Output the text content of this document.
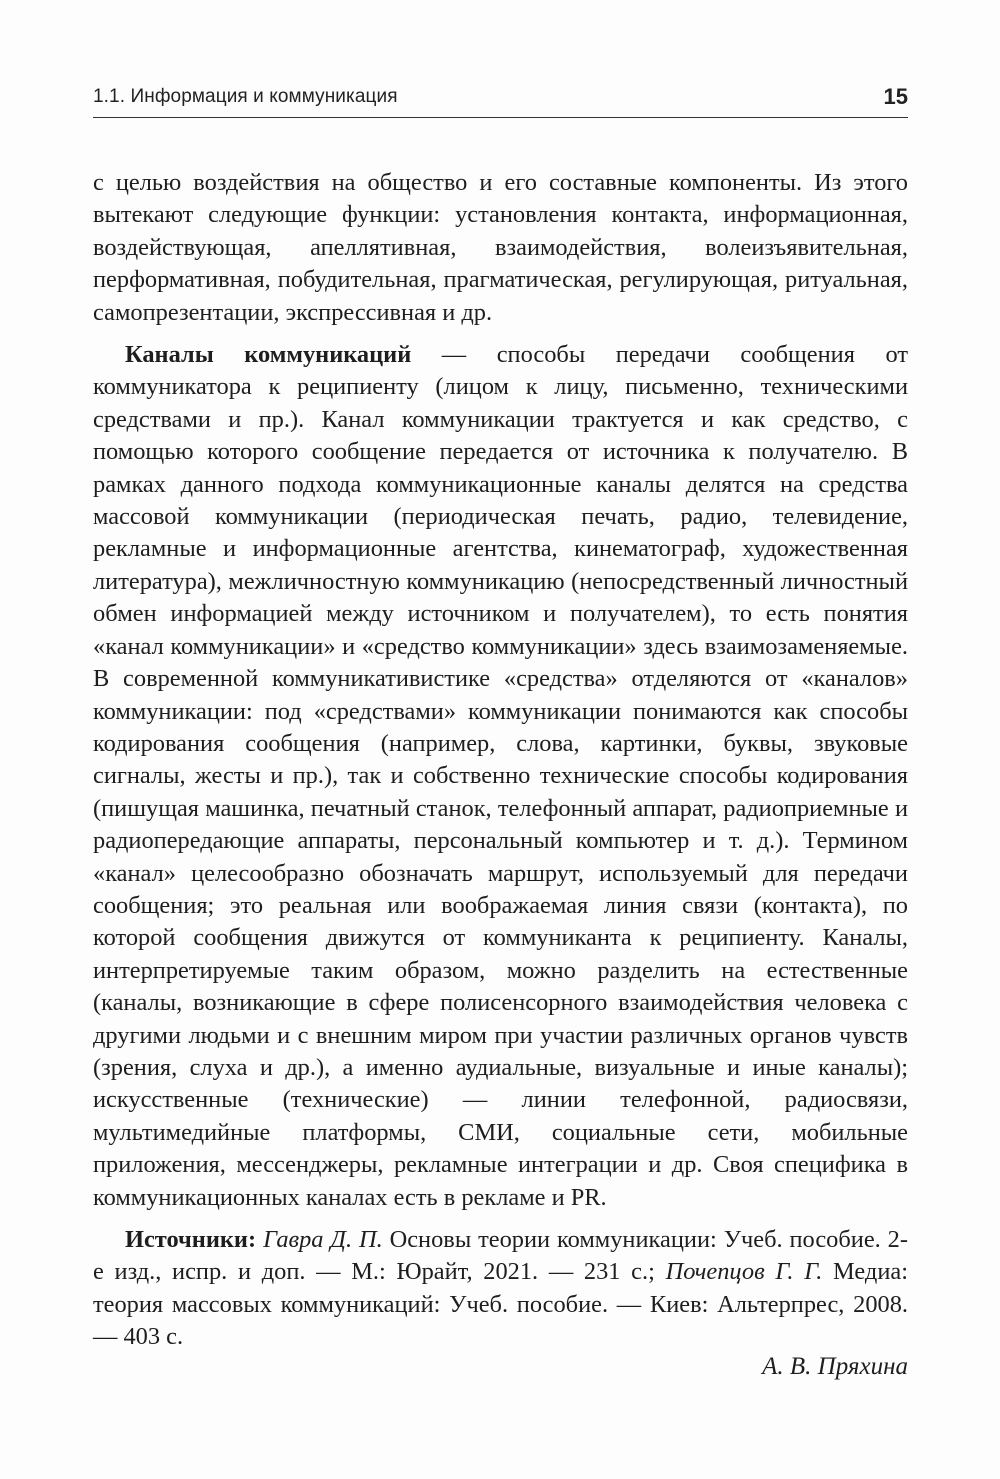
1.1. Информация и коммуникация	15

с целью воздействия на общество и его составные компоненты. Из этого вытекают следующие функции: установления контакта, информационная, воздействующая, апеллятивная, взаимодействия, волеизъявительная, перформативная, побудительная, прагматическая, регулирующая, ритуальная, самопрезентации, экспрессивная и др.

Каналы коммуникаций — способы передачи сообщения от коммуникатора к реципиенту (лицом к лицу, письменно, техническими средствами и пр.). Канал коммуникации трактуется и как средство, с помощью которого сообщение передается от источника к получателю. В рамках данного подхода коммуникационные каналы делятся на средства массовой коммуникации (периодическая печать, радио, телевидение, рекламные и информационные агентства, кинематограф, художественная литература), межличностную коммуникацию (непосредственный личностный обмен информацией между источником и получателем), то есть понятия «канал коммуникации» и «средство коммуникации» здесь взаимозаменяемые. В современной коммуникативистике «средства» отделяются от «каналов» коммуникации: под «средствами» коммуникации понимаются как способы кодирования сообщения (например, слова, картинки, буквы, звуковые сигналы, жесты и пр.), так и собственно технические способы кодирования (пишущая машинка, печатный станок, телефонный аппарат, радиоприемные и радиопередающие аппараты, персональный компьютер и т. д.). Термином «канал» целесообразно обозначать маршрут, используемый для передачи сообщения; это реальная или воображаемая линия связи (контакта), по которой сообщения движутся от коммуниканта к реципиенту. Каналы, интерпретируемые таким образом, можно разделить на естественные (каналы, возникающие в сфере полисенсорного взаимодействия человека с другими людьми и с внешним миром при участии различных органов чувств (зрения, слуха и др.), а именно аудиальные, визуальные и иные каналы); искусственные (технические) — линии телефонной, радиосвязи, мультимедийные платформы, СМИ, социальные сети, мобильные приложения, мессенджеры, рекламные интеграции и др. Своя специфика в коммуникационных каналах есть в рекламе и PR.

Источники: Гавра Д. П. Основы теории коммуникации: Учеб. пособие. 2-е изд., испр. и доп. — М.: Юрайт, 2021. — 231 с.; Почепцов Г. Г. Медиа: теория массовых коммуникаций: Учеб. пособие. — Киев: Альтерпрес, 2008. — 403 с.

А. В. Пряхина
